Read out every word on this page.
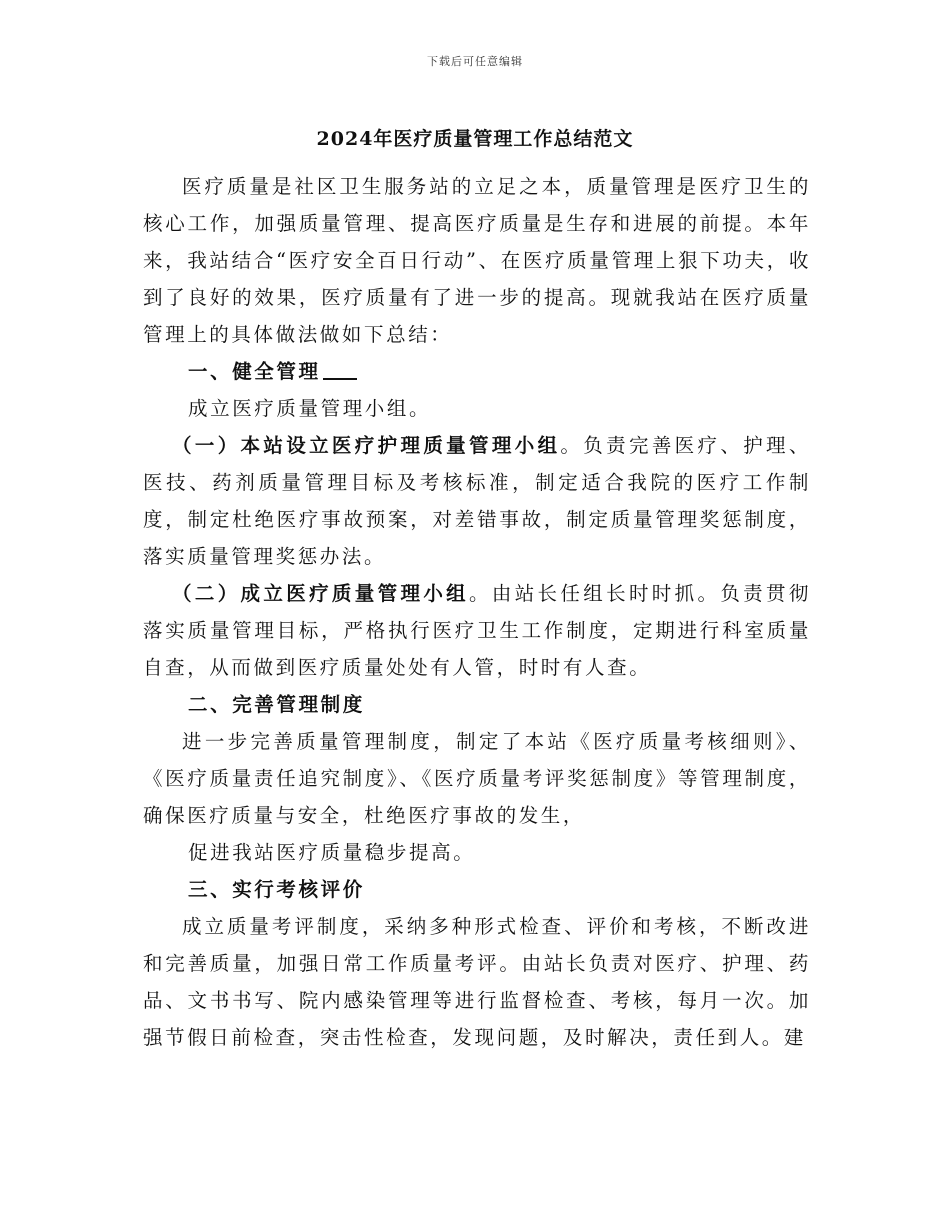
下载后可任意编辑
2024年医疗质量管理工作总结范文

医疗质量是社区卫生服务站的立足之本，质量管理是医疗卫生的核心工作，加强质量管理、提高医疗质量是生存和进展的前提。本年来，我站结合“医疗安全百日行动”、在医疗质量管理上狠下功夫，收到了良好的效果，医疗质量有了进一步的提高。现就我站在医疗质量管理上的具体做法做如下总结：

一、健全管理

成立医疗质量管理小组。

（一）本站设立医疗护理质量管理小组。负责完善医疗、护理、医技、药剂质量管理目标及考核标准，制定适合我院的医疗工作制度，制定杜绝医疗事故预案，对差错事故，制定质量管理奖惩制度，落实质量管理奖惩办法。

（二）成立医疗质量管理小组。由站长任组长时时抓。负责贯彻落实质量管理目标，严格执行医疗卫生工作制度，定期进行科室质量自查，从而做到医疗质量处处有人管，时时有人查。

二、完善管理制度

进一步完善质量管理制度，制定了本站《医疗质量考核细则》、《医疗质量责任追究制度》、《医疗质量考评奖惩制度》等管理制度，确保医疗质量与安全，杜绝医疗事故的发生，

促进我站医疗质量稳步提高。

三、实行考核评价

成立质量考评制度，采纳多种形式检查、评价和考核，不断改进和完善质量，加强日常工作质量考评。由站长负责对医疗、护理、药品、文书书写、院内感染管理等进行监督检查、考核，每月一次。加强节假日前检查，突击性检查，发现问题，及时解决，责任到人。建
